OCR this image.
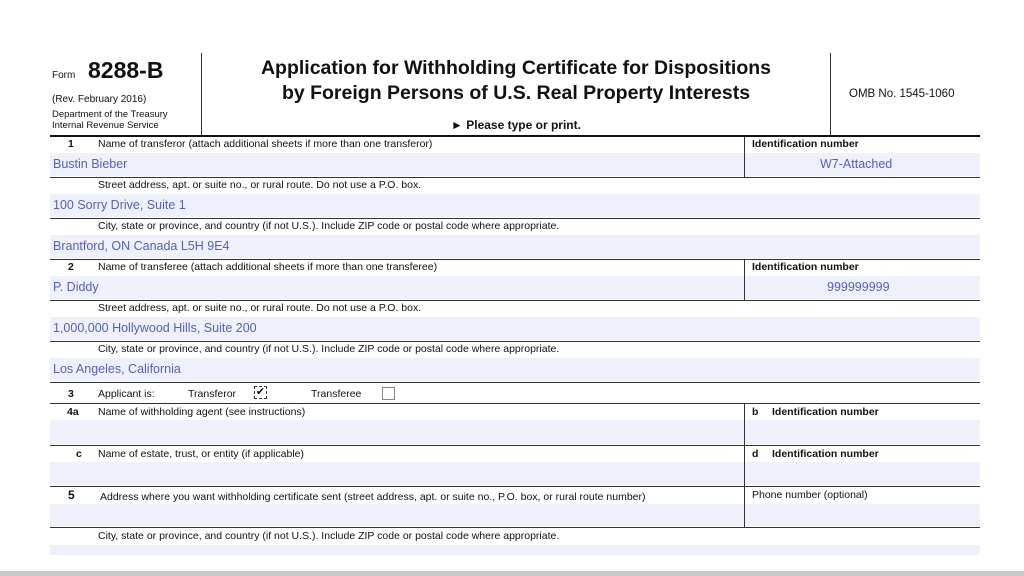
Form 8288-B
(Rev. February 2016)
Department of the Treasury
Internal Revenue Service
Application for Withholding Certificate for Dispositions
by Foreign Persons of U.S. Real Property Interests
► Please type or print.
OMB No. 1545-1060
1 Name of transferor (attach additional sheets if more than one transferor)	Identification number
Bustin Bieber	W7-Attached
Street address, apt. or suite no., or rural route. Do not use a P.O. box.
100 Sorry Drive, Suite 1
City, state or province, and country (if not U.S.). Include ZIP code or postal code where appropriate.
Brantford, ON Canada L5H 9E4
2 Name of transferee (attach additional sheets if more than one transferee)	Identification number
P. Diddy	999999999
Street address, apt. or suite no., or rural route. Do not use a P.O. box.
1,000,000 Hollywood Hills, Suite 200
City, state or province, and country (if not U.S.). Include ZIP code or postal code where appropriate.
Los Angeles, California
3 Applicant is:	Transferor ✔	Transferee
4a Name of withholding agent (see instructions)	b Identification number
c Name of estate, trust, or entity (if applicable)	d Identification number
5 Address where you want withholding certificate sent (street address, apt. or suite no., P.O. box, or rural route number)	Phone number (optional)
City, state or province, and country (if not U.S.). Include ZIP code or postal code where appropriate.
